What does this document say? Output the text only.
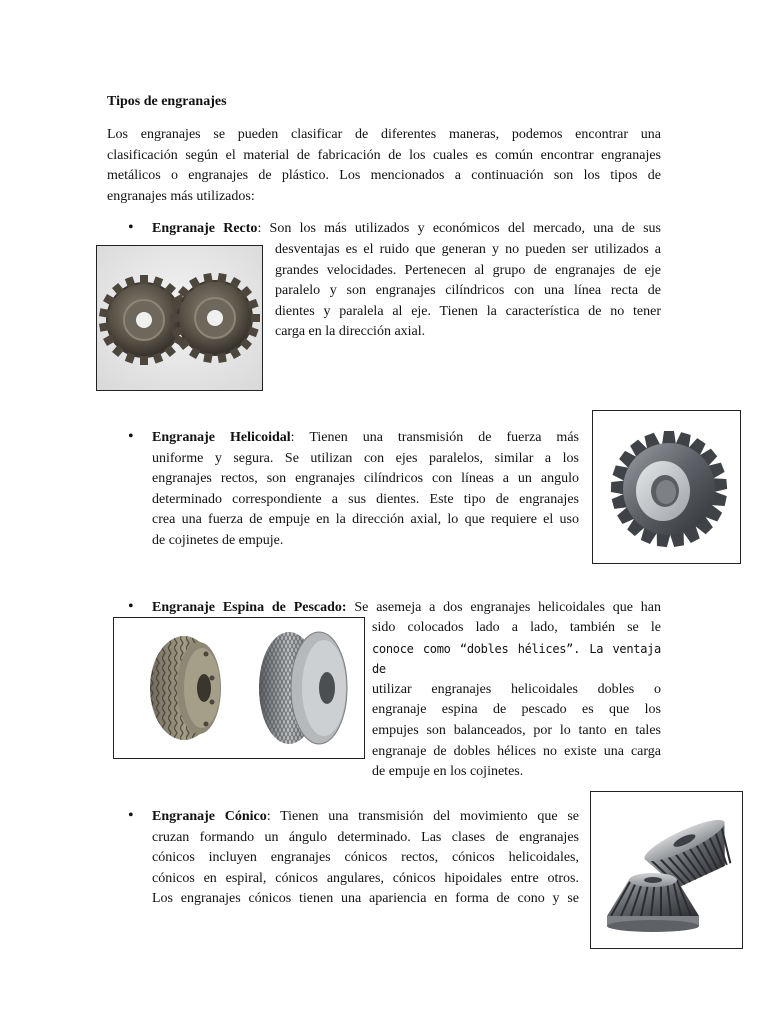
Tipos de engranajes
Los engranajes se pueden clasificar de diferentes maneras, podemos encontrar una
clasificación según el material de fabricación de los cuales es común encontrar engranajes
metálicos o engranajes de plástico. Los mencionados a continuación son los tipos de
engranajes más utilizados:
• Engranaje Recto: Son los más utilizados y económicos del mercado, una de sus
desventajas es el ruido que generan y no pueden ser utilizados a
grandes velocidades. Pertenecen al grupo de engranajes de eje
paralelo y son engranajes cilíndricos con una línea recta de
dientes y paralela al eje. Tienen la característica de no tener
carga en la dirección axial.
• Engranaje Helicoidal: Tienen una transmisión de fuerza más
uniforme y segura. Se utilizan con ejes paralelos, similar a los
engranajes rectos, son engranajes cilíndricos con líneas a un angulo
determinado correspondiente a sus dientes. Este tipo de engranajes
crea una fuerza de empuje en la dirección axial, lo que requiere el uso
de cojinetes de empuje.
• Engranaje Espina de Pescado: Se asemeja a dos engranajes helicoidales que han
sido colocados lado a lado, también se le
conoce como “dobles hélices”. La ventaja de
utilizar engranajes helicoidales dobles o
engranaje espina de pescado es que los
empujes son balanceados, por lo tanto en tales
engranaje de dobles hélices no existe una carga
de empuje en los cojinetes.
• Engranaje Cónico: Tienen una transmisión del movimiento que se
cruzan formando un ángulo determinado. Las clases de engranajes
cónicos incluyen engranajes cónicos rectos, cónicos helicoidales,
cónicos en espiral, cónicos angulares, cónicos hipoidales entre otros.
Los engranajes cónicos tienen una apariencia en forma de cono y se
